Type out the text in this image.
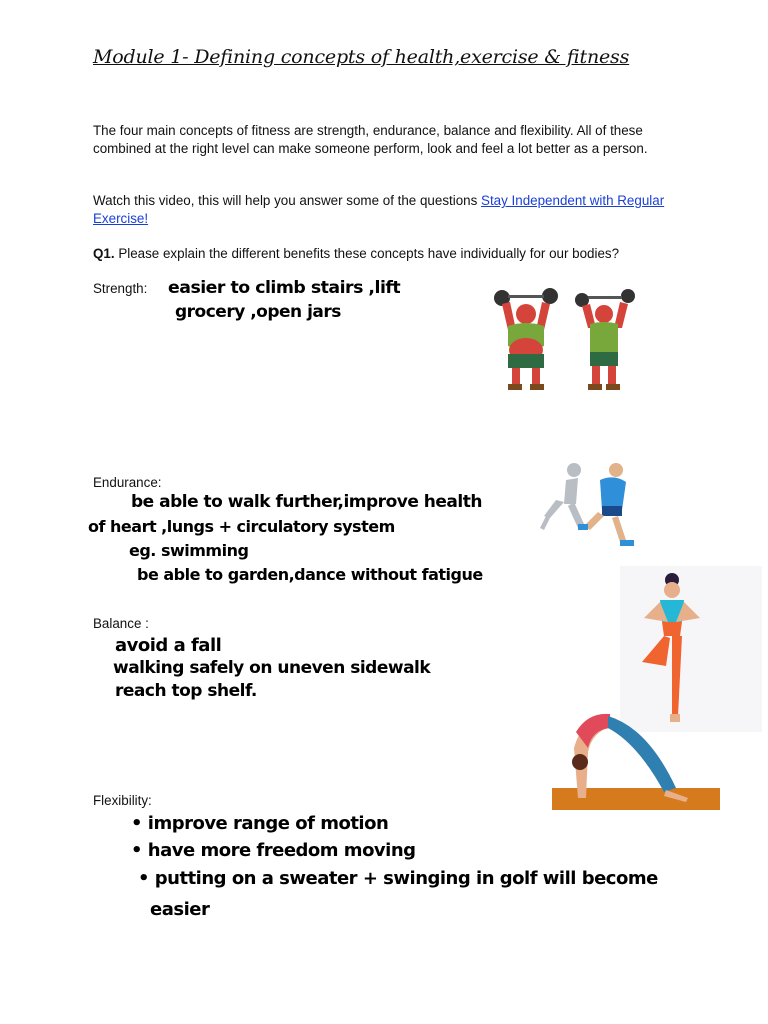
Module 1- Defining concepts of health,exercise & fitness
The four main concepts of fitness are strength, endurance, balance and flexibility. All of these combined at the right level can make someone perform, look and feel a lot better as a person.
Watch this video, this will help you answer some of the questions Stay Independent with Regular Exercise!
Q1. Please explain the different benefits these concepts have individually for our bodies?
Strength: easier to climb stairs ,lift
grocery ,open jars
Endurance:
be able to walk further,improve health
of heart ,lungs + circulatory system
eg. swimming
be able to garden,dance without fatigue
Balance :
avoid a fall
walking safely on uneven sidewalk
reach top shelf.
Flexibility:
• improve range of motion
• have more freedom moving
• putting on a sweater + swinging in golf will become
easier
